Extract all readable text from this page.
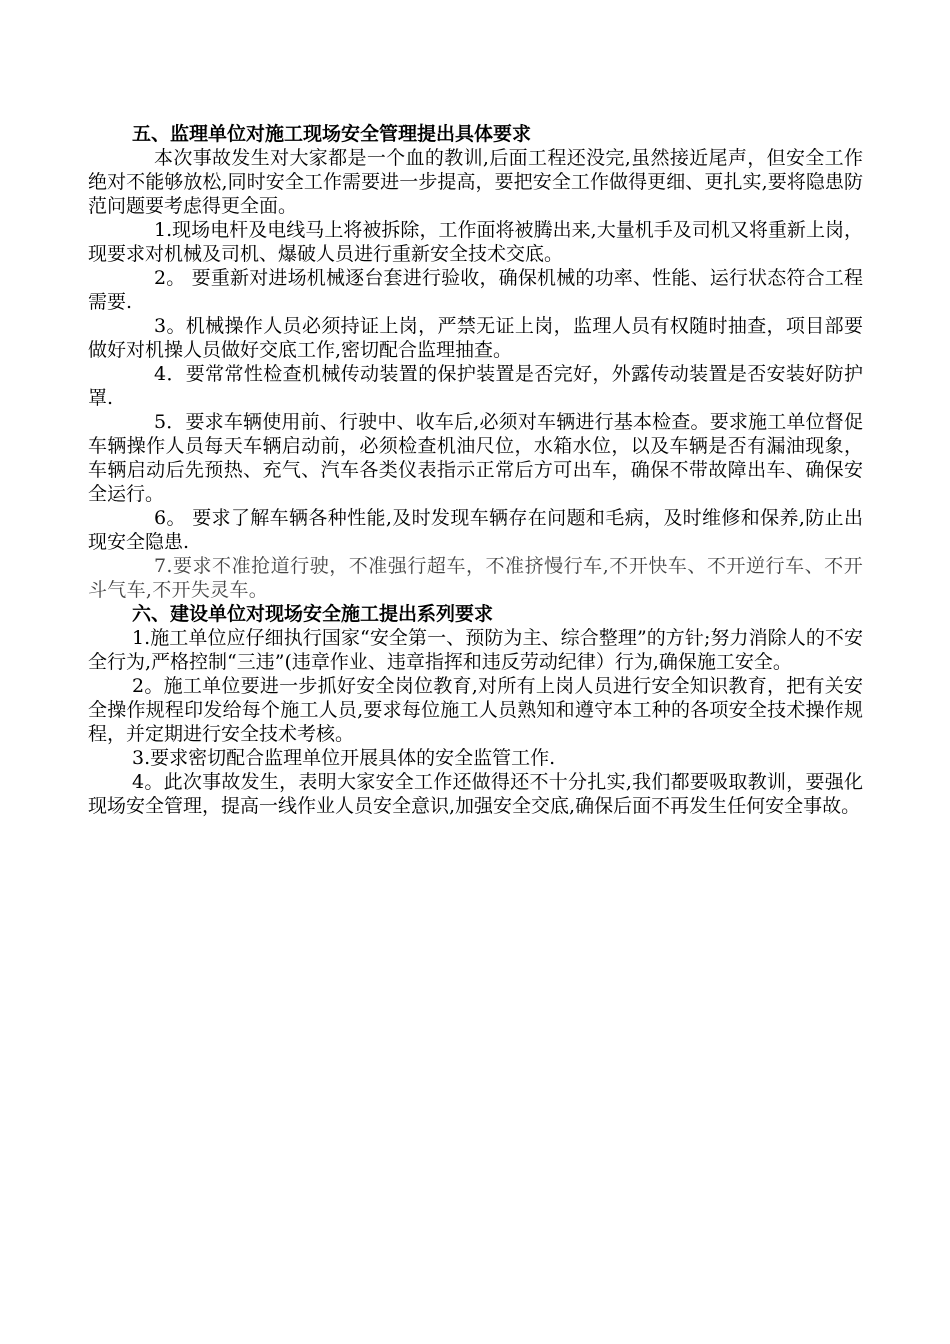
五、监理单位对施工现场安全管理提出具体要求

本次事故发生对大家都是一个血的教训,后面工程还没完,虽然接近尾声，但安全工作绝对不能够放松,同时安全工作需要进一步提高，要把安全工作做得更细、更扎实,要将隐患防范问题要考虑得更全面。

1.现场电杆及电线马上将被拆除，工作面将被腾出来,大量机手及司机又将重新上岗，现要求对机械及司机、爆破人员进行重新安全技术交底。

2。 要重新对进场机械逐台套进行验收，确保机械的功率、性能、运行状态符合工程需要.

3。机械操作人员必须持证上岗，严禁无证上岗，监理人员有权随时抽查，项目部要做好对机操人员做好交底工作,密切配合监理抽查。

4．要常常性检查机械传动装置的保护装置是否完好，外露传动装置是否安装好防护罩.

5．要求车辆使用前、行驶中、收车后,必须对车辆进行基本检查。要求施工单位督促车辆操作人员每天车辆启动前，必须检查机油尺位，水箱水位，以及车辆是否有漏油现象，车辆启动后先预热、充气、汽车各类仪表指示正常后方可出车，确保不带故障出车、确保安全运行。

6。 要求了解车辆各种性能,及时发现车辆存在问题和毛病，及时维修和保养,防止出现安全隐患.

7.要求不准抢道行驶，不准强行超车，不准挤慢行车,不开快车、不开逆行车、不开斗气车,不开失灵车。

六、建设单位对现场安全施工提出系列要求

1.施工单位应仔细执行国家“安全第一、预防为主、综合整理”的方针;努力消除人的不安全行为,严格控制“三违”(违章作业、违章指挥和违反劳动纪律）行为,确保施工安全。

2。施工单位要进一步抓好安全岗位教育,对所有上岗人员进行安全知识教育，把有关安全操作规程印发给每个施工人员,要求每位施工人员熟知和遵守本工种的各项安全技术操作规程，并定期进行安全技术考核。

3.要求密切配合监理单位开展具体的安全监管工作.

4。此次事故发生，表明大家安全工作还做得还不十分扎实,我们都要吸取教训，要强化现场安全管理，提高一线作业人员安全意识,加强安全交底,确保后面不再发生任何安全事故。
